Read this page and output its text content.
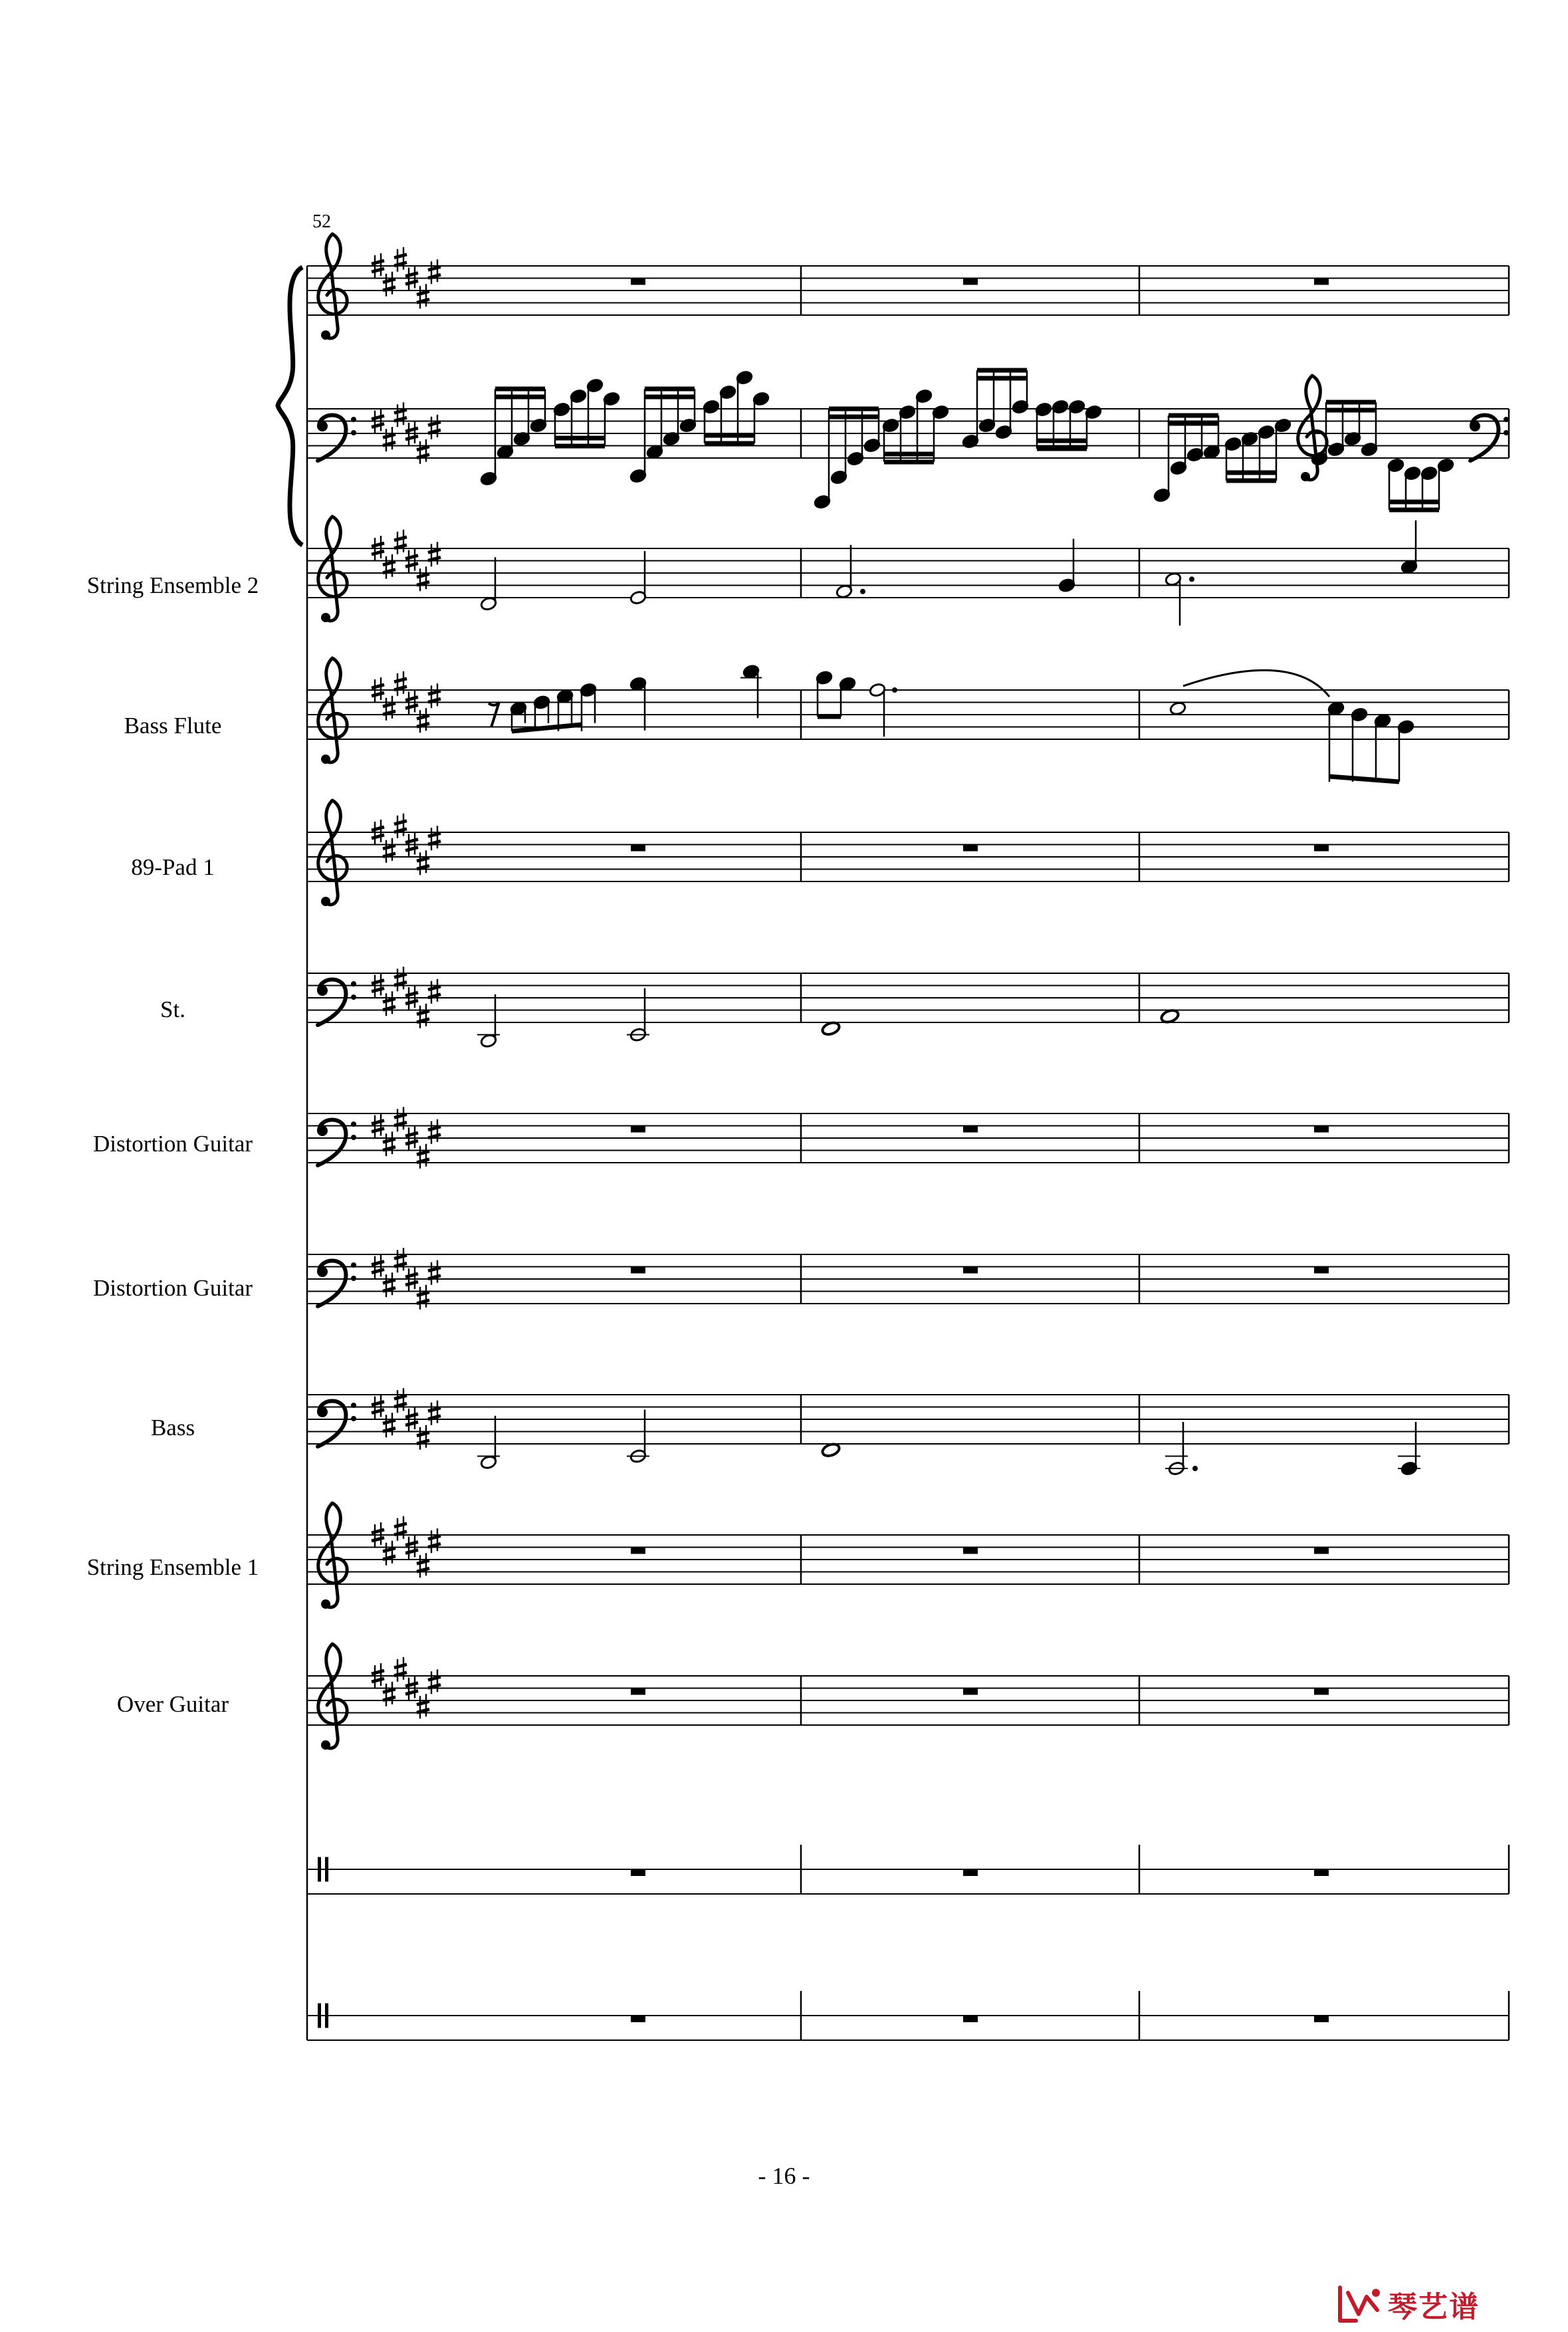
52
String Ensemble 2
Bass Flute
89-Pad 1
St.
Distortion Guitar
Distortion Guitar
Bass
String Ensemble 1
Over Guitar
- 16 -
琴艺谱
